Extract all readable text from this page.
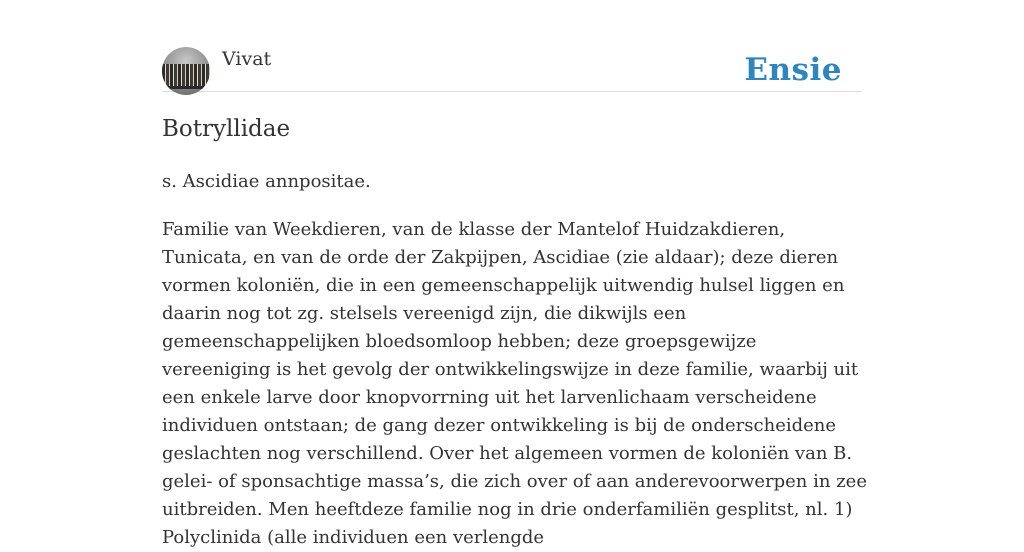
Vivat	Ensie
Botryllidae

s. Ascidiae annpositae.

Familie van Weekdieren, van de klasse der Mantelof Huidzakdieren, Tunicata, en van de orde der Zakpijpen, Ascidiae (zie aldaar); deze dieren vormen koloniën, die in een gemeenschappelijk uitwendig hulsel liggen en daarin nog tot zg. stelsels vereenigd zijn, die dikwijls een gemeenschappelijken bloedsomloop hebben; deze groepsgewijze vereeniging is het gevolg der ontwikkelingswijze in deze familie, waarbij uit een enkele larve door knopvorrning uit het larvenlichaam verscheidene individuen ontstaan; de gang dezer ontwikkeling is bij de onderscheidene geslachten nog verschillend. Over het algemeen vormen de koloniën van B. gelei- of sponsachtige massa’s, die zich over of aan anderevoorwerpen in zee uitbreiden. Men heeftdeze familie nog in drie onderfamiliën gesplitst, nl. 1) Polyclinida (alle individuen een verlengde
